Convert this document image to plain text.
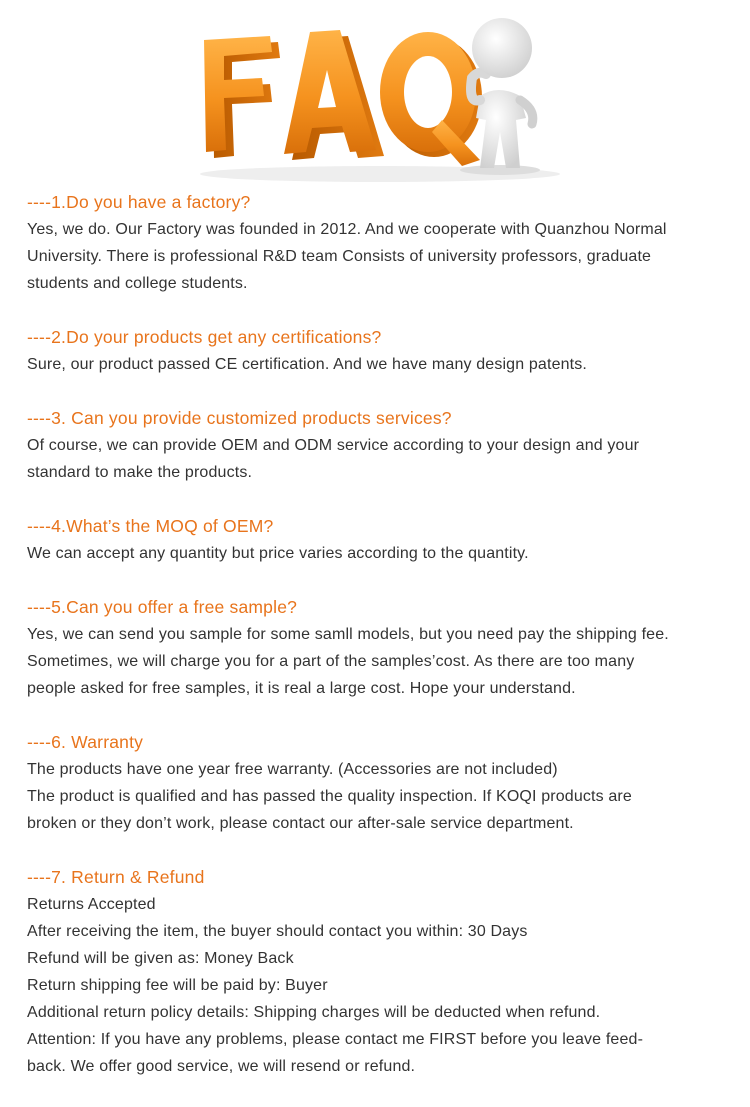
----1.Do you have a factory?
Yes, we do. Our Factory was founded in 2012. And we cooperate with Quanzhou Normal
University. There is professional R&D team Consists of university professors, graduate
students and college students.
----2.Do your products get any certifications?
Sure, our product passed CE certification. And we have many design patents.
----3. Can you provide customized products services?
Of course, we can provide OEM and ODM service according to your design and your
standard to make the products.
----4.What’s the MOQ of OEM?
We can accept any quantity but price varies according to the quantity.
----5.Can you offer a free sample?
Yes, we can send you sample for some samll models, but you need pay the shipping fee.
Sometimes, we will charge you for a part of the samples’cost. As there are too many
people asked for free samples, it is real a large cost. Hope your understand.
----6. Warranty
The products have one year free warranty. (Accessories are not included)
The product is qualified and has passed the quality inspection. If KOQI products are
broken or they don’t work, please contact our after-sale service department.
----7. Return & Refund
Returns Accepted
After receiving the item, the buyer should contact you within: 30 Days
Refund will be given as: Money Back
Return shipping fee will be paid by: Buyer
Additional return policy details: Shipping charges will be deducted when refund.
Attention: If you have any problems, please contact me FIRST before you leave feed-
back. We offer good service, we will resend or refund.
